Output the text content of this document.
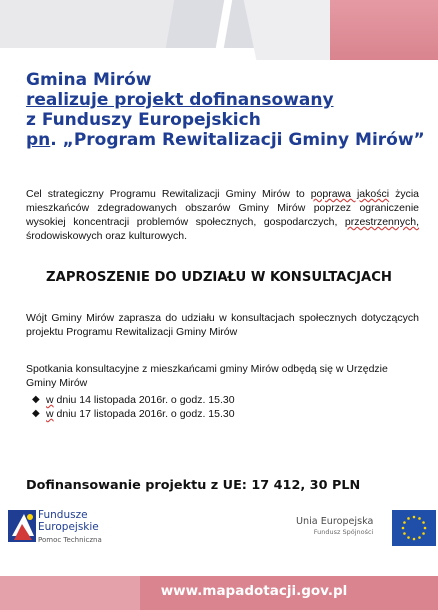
Gmina Mirów
realizuje projekt dofinansowany
z Funduszy Europejskich
pn. „Program Rewitalizacji Gminy Mirów”
Cel strategiczny Programu Rewitalizacji Gminy Mirów to poprawa jakości życia mieszkańców zdegradowanych obszarów Gminy Mirów poprzez ograniczenie wysokiej koncentracji problemów społecznych, gospodarczych, przestrzennych, środowiskowych oraz kulturowych.
ZAPROSZENIE DO UDZIAŁU W KONSULTACJACH
Wójt Gminy Mirów zaprasza do udziału w konsultacjach społecznych dotyczących projektu Programu Rewitalizacji Gminy Mirów
Spotkania konsultacyjne z mieszkańcami gminy Mirów odbędą się w Urzędzie Gminy Mirów
◆ w dniu 14 listopada 2016r. o godz. 15.30
◆ w dniu 17 listopada 2016r. o godz. 15.30
Dofinansowanie projektu z UE: 17 412, 30 PLN
Fundusze
Europejskie
Pomoc Techniczna
Unia Europejska
Fundusz Spójności
www.mapadotacji.gov.pl
